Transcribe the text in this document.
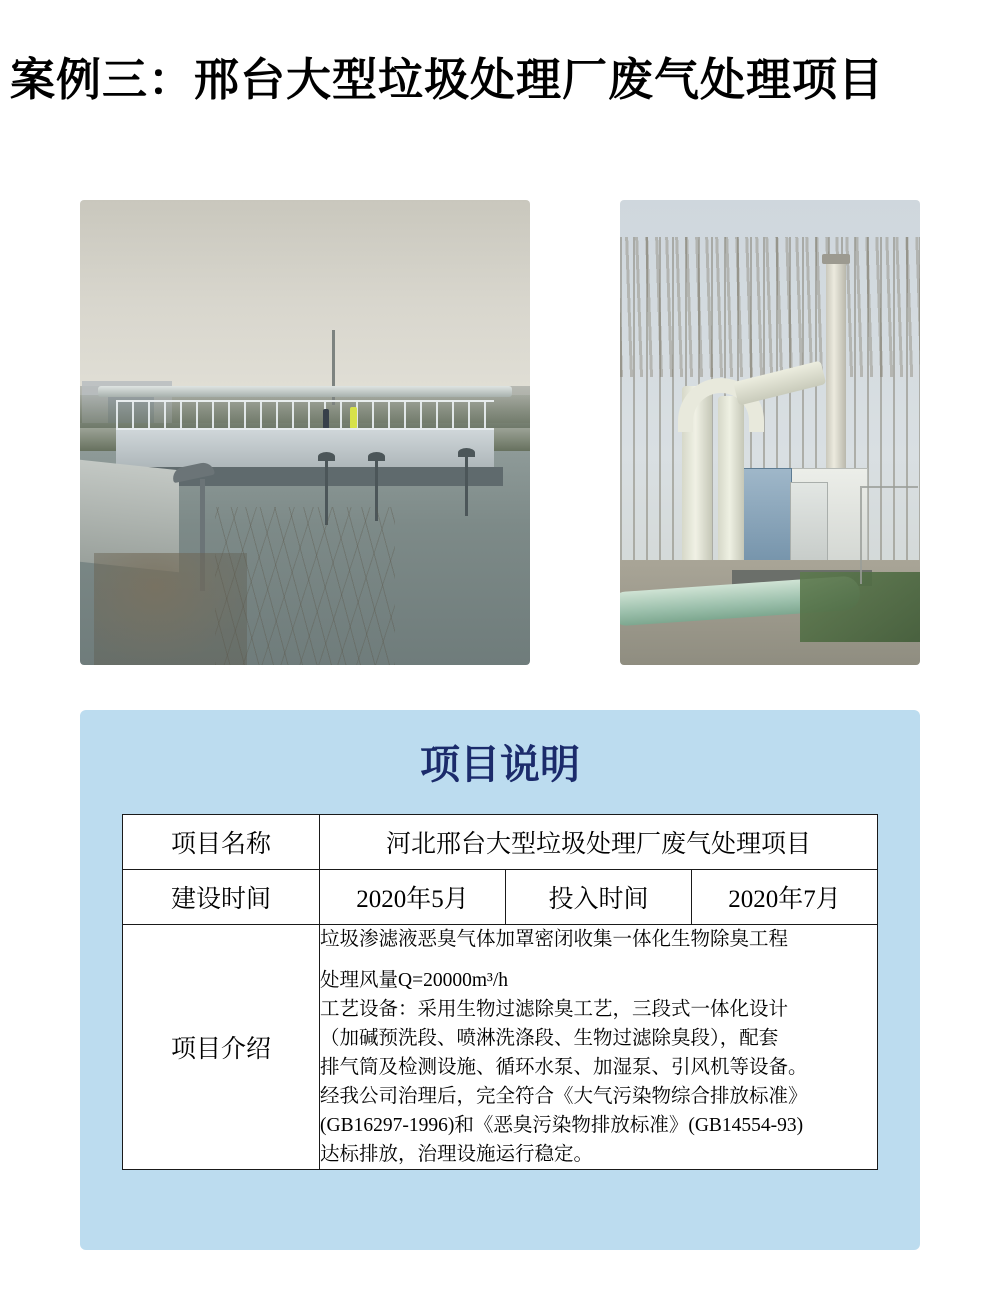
案例三：邢台大型垃圾处理厂废气处理项目
项目说明
项目名称	河北邢台大型垃圾处理厂废气处理项目		
建设时间	2020年5月	投入时间	2020年7月
项目介绍	
垃圾渗滤液恶臭气体加罩密闭收集一体化生物除臭工程
处理风量Q=20000m³/h
工艺设备：采用生物过滤除臭工艺，三段式一体化设计
（加碱预洗段、喷淋洗涤段、生物过滤除臭段），配套
排气筒及检测设施、循环水泵、加湿泵、引风机等设备。
经我公司治理后，完全符合《大气污染物综合排放标准》
(GB16297-1996)和《恶臭污染物排放标准》(GB14554-93)
达标排放，治理设施运行稳定。
